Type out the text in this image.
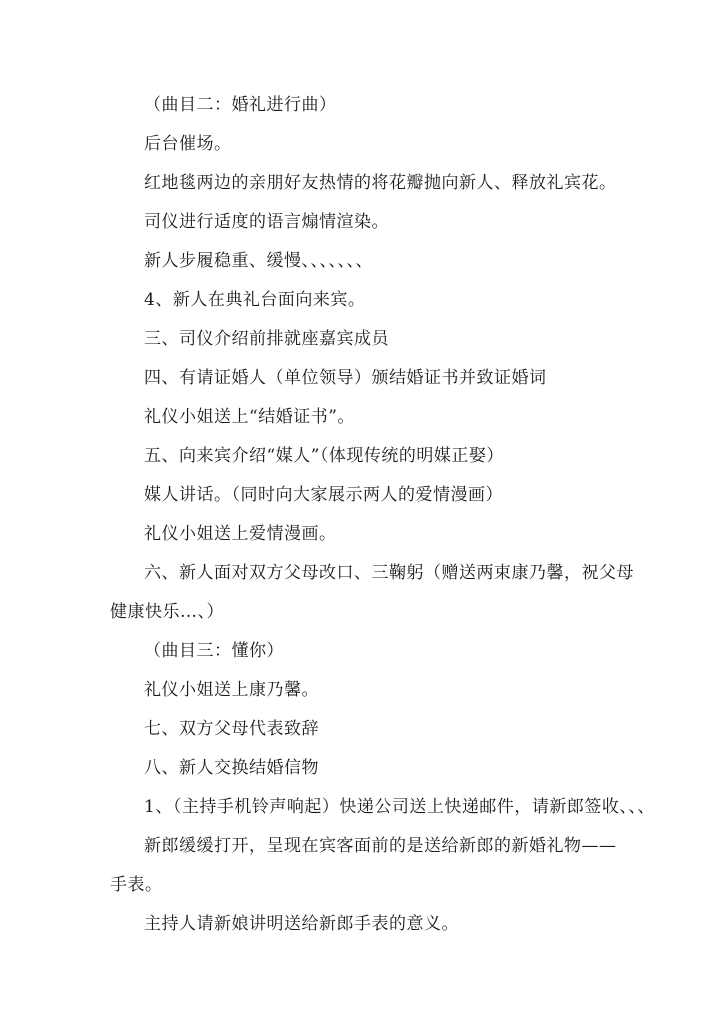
（曲目二：婚礼进行曲）

后台催场。

红地毯两边的亲朋好友热情的将花瓣抛向新人、释放礼宾花。

司仪进行适度的语言煽情渲染。

新人步履稳重、缓慢、、、、、、、

4、新人在典礼台面向来宾。

三、司仪介绍前排就座嘉宾成员

四、有请证婚人（单位领导）颁结婚证书并致证婚词

礼仪小姐送上“结婚证书”。

五、向来宾介绍“媒人”（体现传统的明媒正娶）

媒人讲话。（同时向大家展示两人的爱情漫画）

礼仪小姐送上爱情漫画。

六、新人面对双方父母改口、三鞠躬（赠送两束康乃馨，祝父母

健康快乐…、）

（曲目三：懂你）

礼仪小姐送上康乃馨。

七、双方父母代表致辞

八、新人交换结婚信物

1、（主持手机铃声响起）快递公司送上快递邮件，请新郎签收、、、

新郎缓缓打开，呈现在宾客面前的是送给新郎的新婚礼物——

手表。

主持人请新娘讲明送给新郎手表的意义。
